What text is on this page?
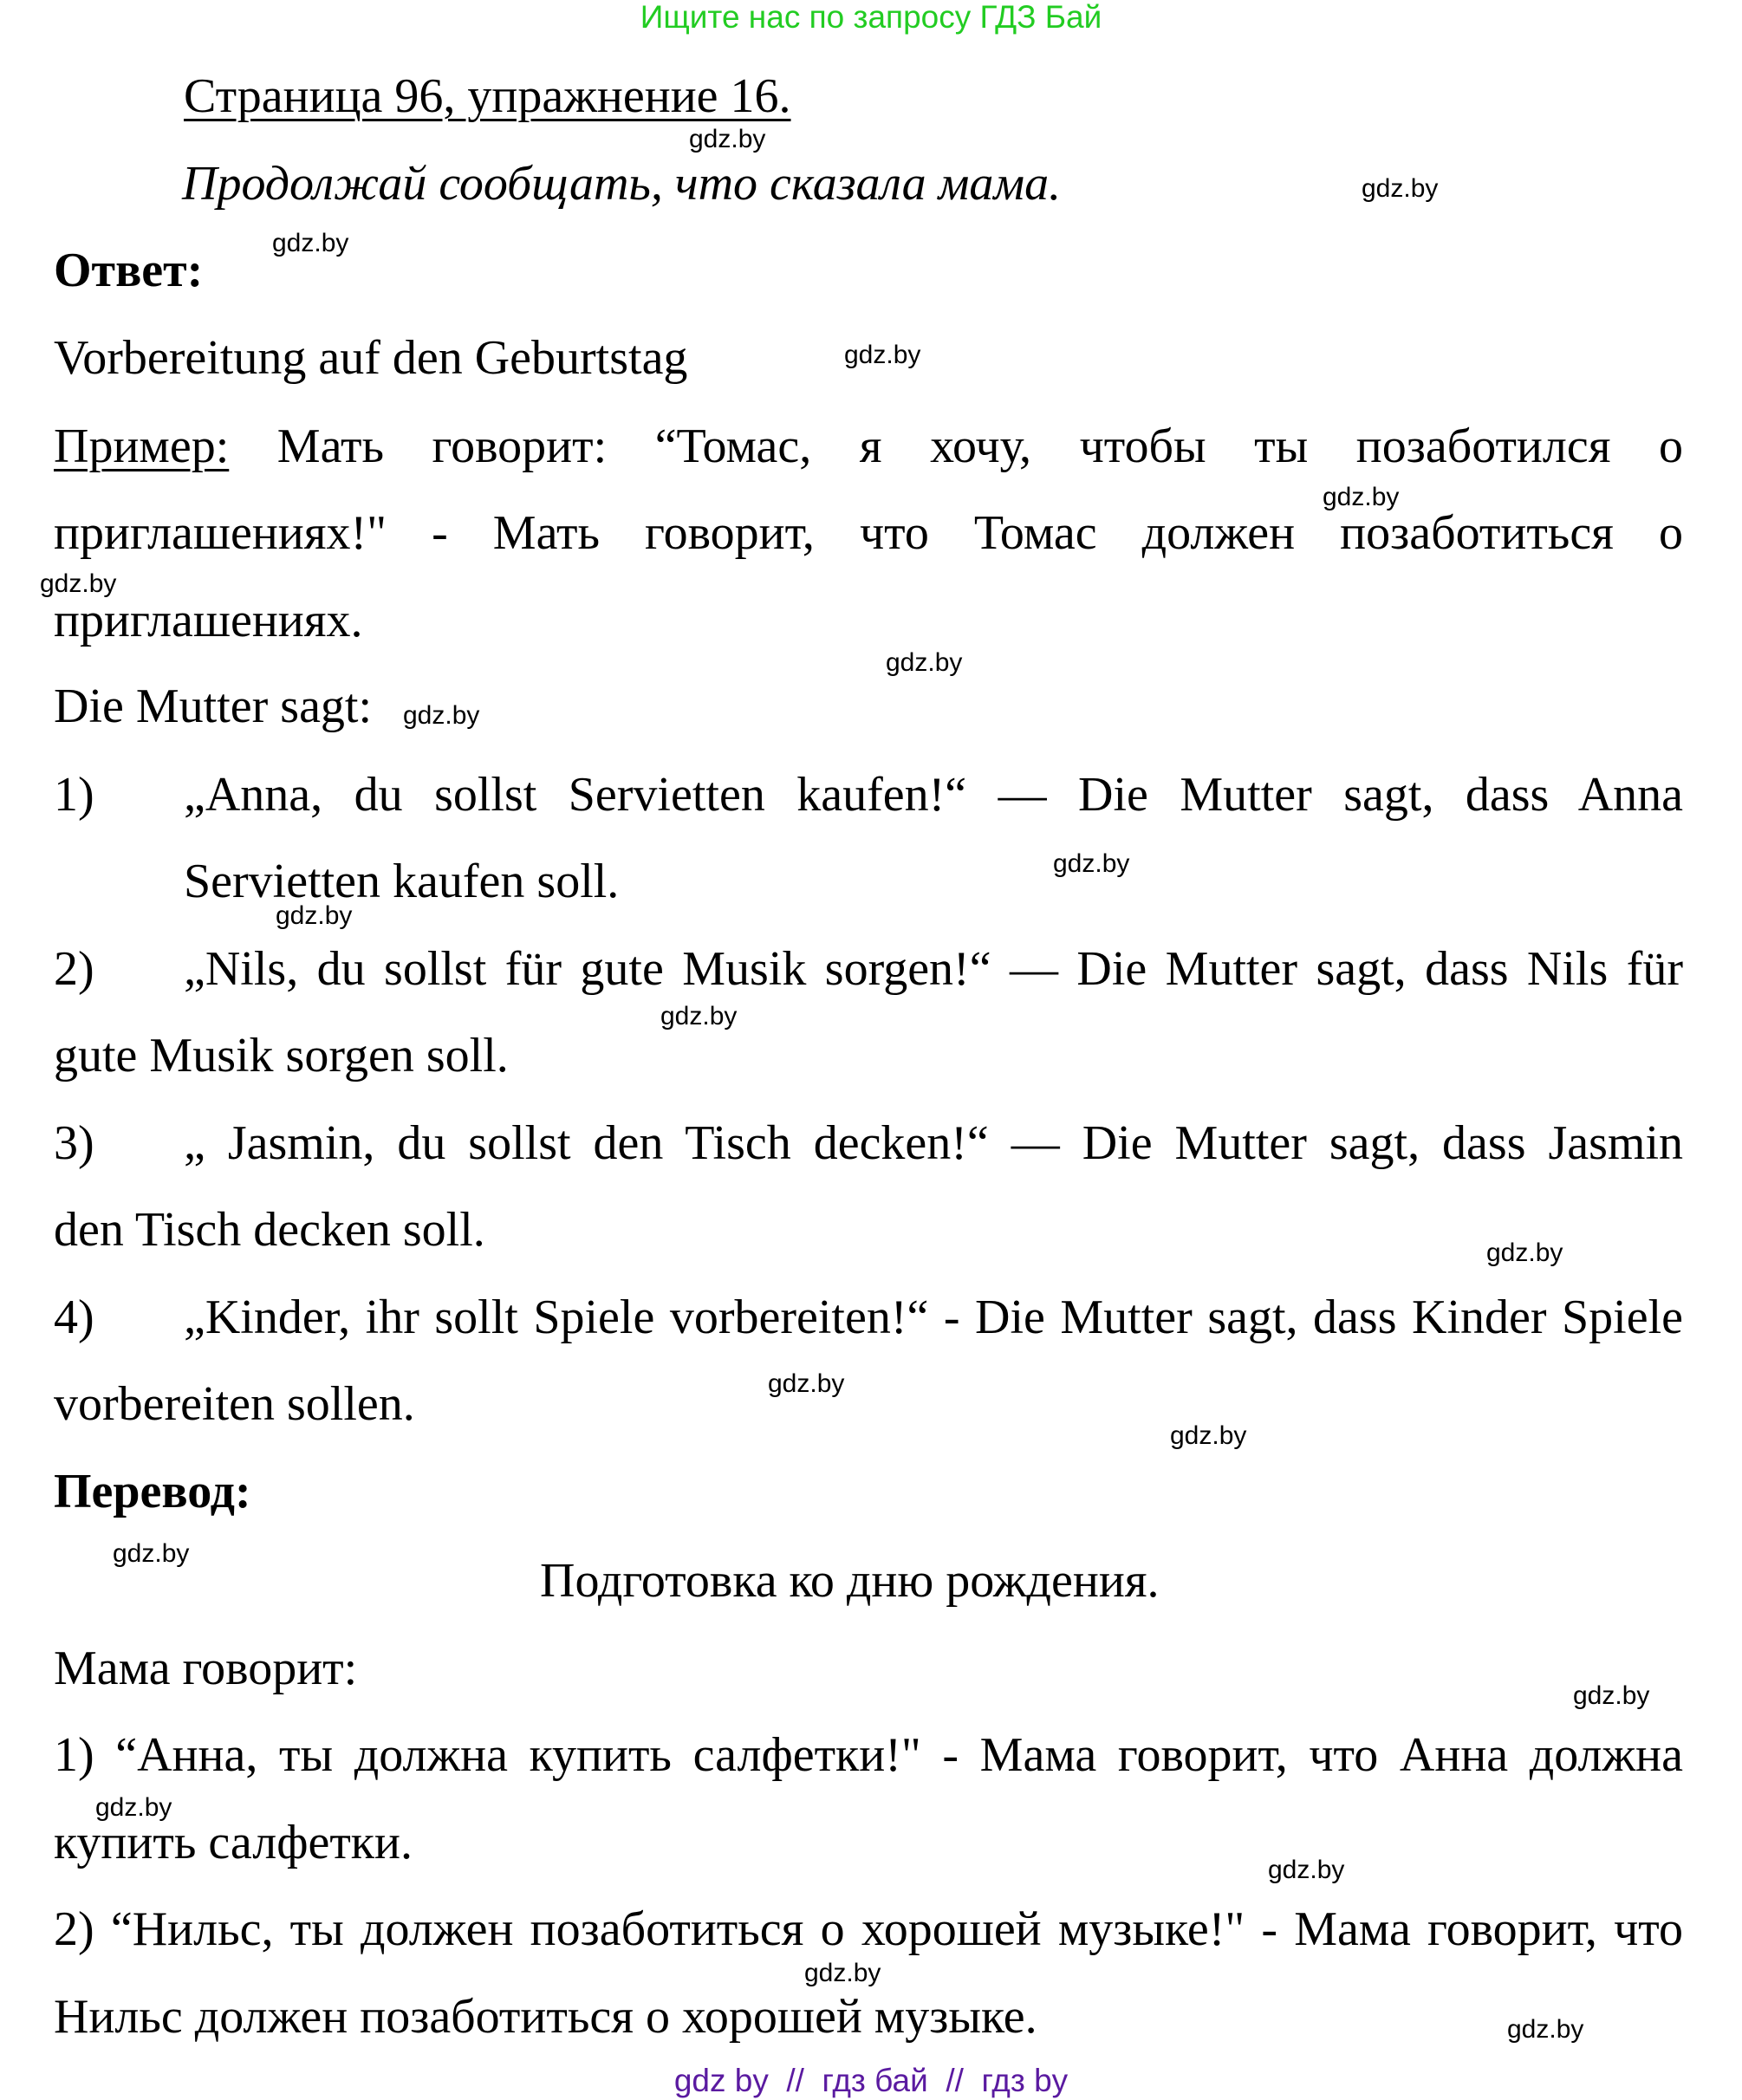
Ищите нас по запросу ГДЗ Бай
Страница 96, упражнение 16.
Продолжай сообщать, что сказала мама.
Ответ:
Vorbereitung auf den Geburtstag
Пример: Мать говорит: “Томас, я хочу, чтобы ты позаботился о
приглашениях!" - Мать говорит, что Томас должен позаботиться о
приглашениях.
Die Mutter sagt:
1) „Anna, du sollst Servietten kaufen!“ — Die Mutter sagt, dass Anna
Servietten kaufen soll.
2) „Nils, du sollst für gute Musik sorgen!“ — Die Mutter sagt, dass Nils für
gute Musik sorgen soll.
3) „ Jasmin, du sollst den Tisch decken!“ — Die Mutter sagt, dass Jasmin
den Tisch decken soll.
4) „Kinder, ihr sollt Spiele vorbereiten!“ - Die Mutter sagt, dass Kinder Spiele
vorbereiten sollen.
Перевод:
Подготовка ко дню рождения.
Мама говорит:
1) “Анна, ты должна купить салфетки!" - Мама говорит, что Анна должна
купить салфетки.
2) “Нильс, ты должен позаботиться о хорошей музыке!" - Мама говорит, что
Нильс должен позаботиться о хорошей музыке.
gdz.by
gdz.by
gdz.by
gdz.by
gdz.by
gdz.by
gdz.by
gdz.by
gdz.by
gdz.by
gdz.by
gdz.by
gdz.by
gdz.by
gdz.by
gdz.by
gdz.by
gdz.by
gdz.by
gdz.by
gdz by  //  гдз бай  //  гдз by
